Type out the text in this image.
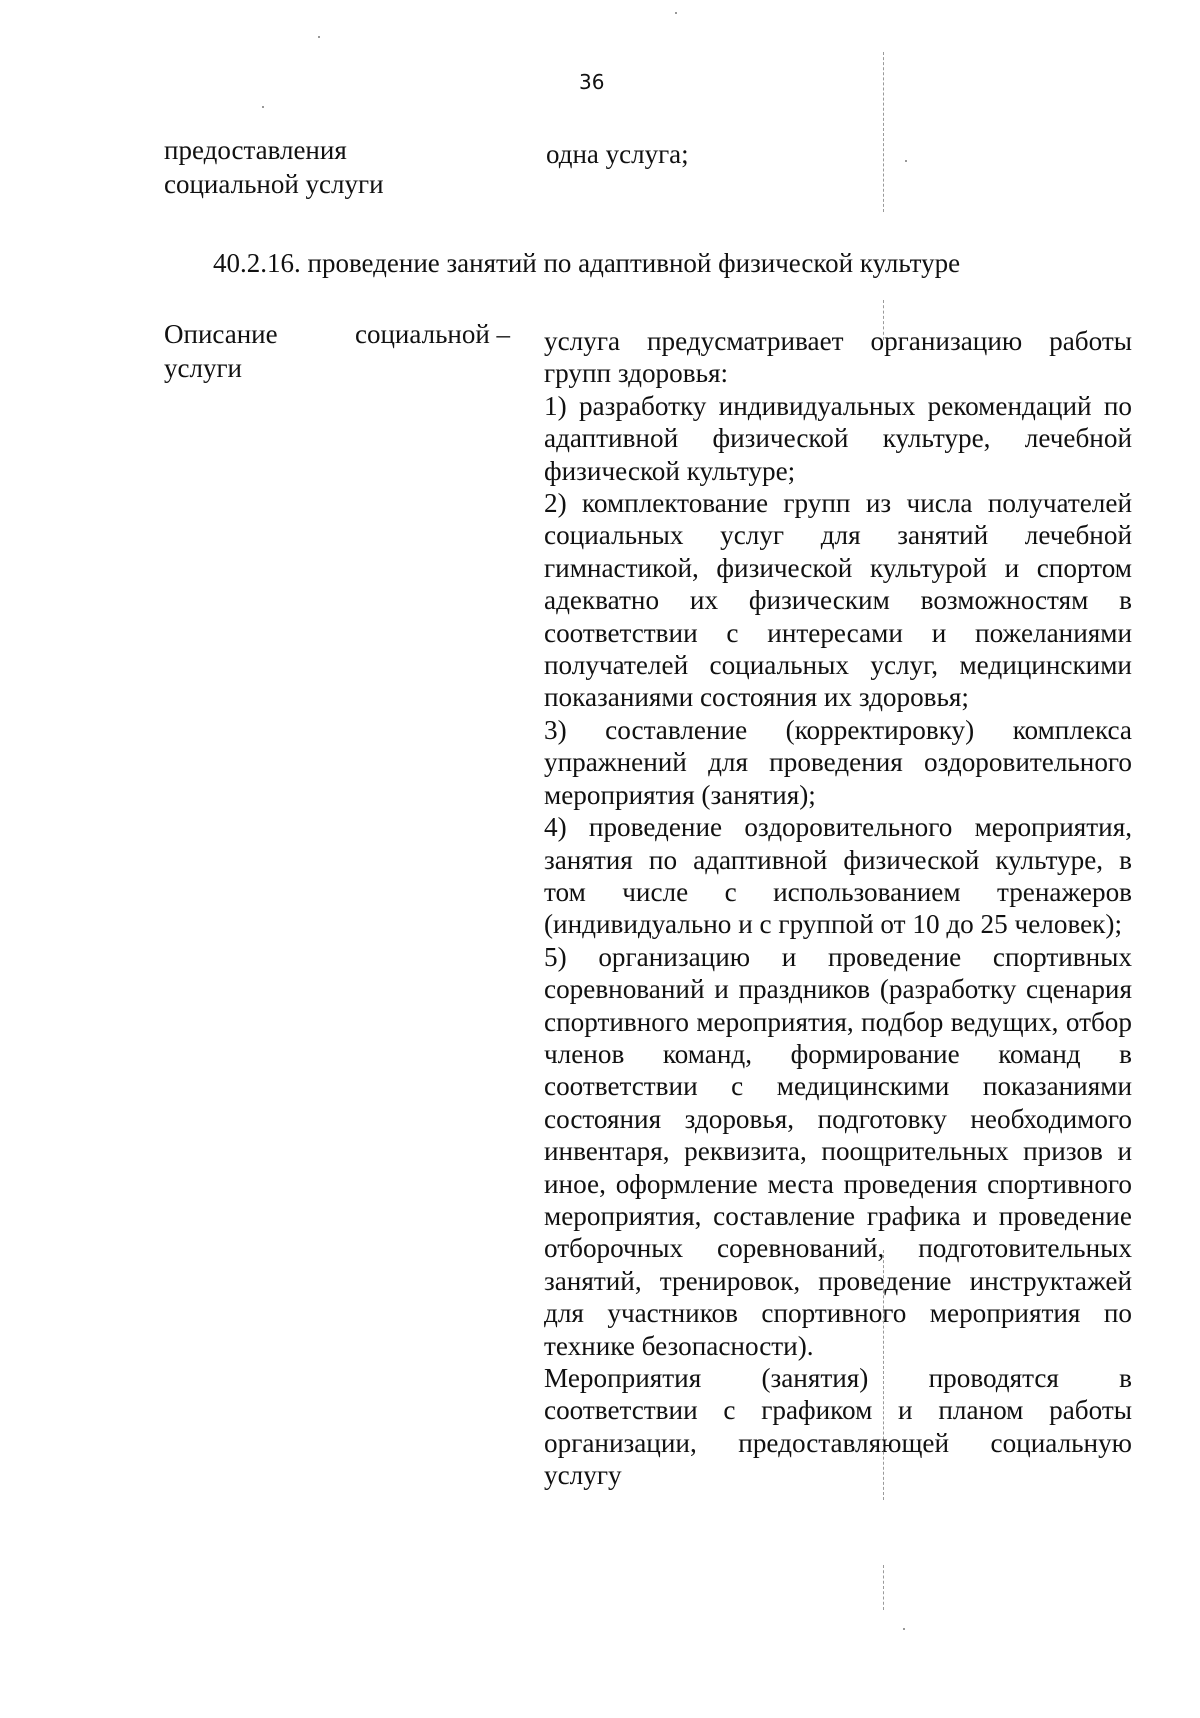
36
предоставления социальной услуги
одна услуга;
40.2.16. проведение занятий по адаптивной физической культуре
Описание услуги
социальной – услуга предусматривает организацию работы групп здоровья:

1) разработку индивидуальных рекомендаций по адаптивной физической культуре, лечебной физической культуре;

2) комплектование групп из числа получателей социальных услуг для занятий лечебной гимнастикой, физической культурой и спортом адекватно их физическим возможностям в соответствии с интересами и пожеланиями получателей социальных услуг, медицинскими показаниями состояния их здоровья;

3) составление (корректировку) комплекса упражнений для проведения оздоровительного мероприятия (занятия);

4) проведение оздоровительного мероприятия, занятия по адаптивной физической культуре, в том числе с использованием тренажеров (индивидуально и с группой от 10 до 25 человек);

5) организацию и проведение спортивных соревнований и праздников (разработку сценария спортивного мероприятия, подбор ведущих, отбор членов команд, формирование команд в соответствии с медицинскими показаниями состояния здоровья, подготовку необходимого инвентаря, реквизита, поощрительных призов и иное, оформление места проведения спортивного мероприятия, составление графика и проведение отборочных соревнований, подготовительных занятий, тренировок, проведение инструктажей для участников спортивного мероприятия по технике безопасности).

Мероприятия (занятия) проводятся в соответствии с графиком и планом работы организации, предоставляющей социальную услугу
